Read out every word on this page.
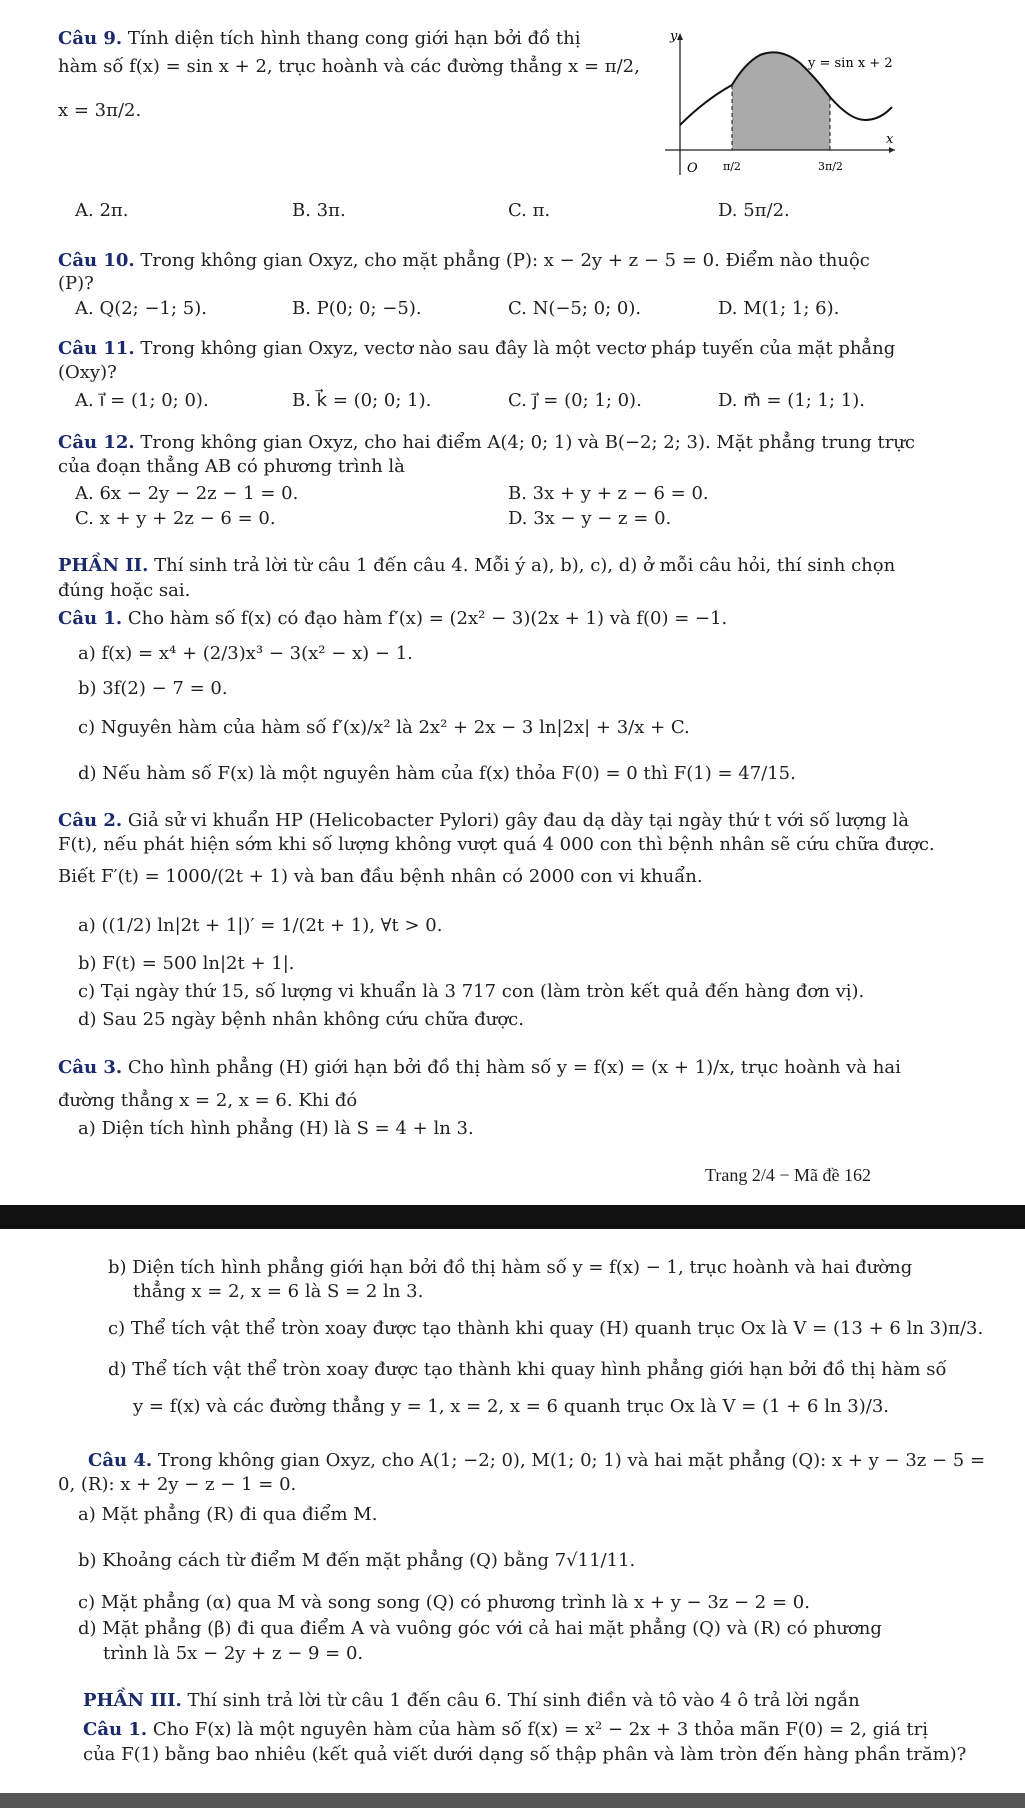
Câu 9. Tính diện tích hình thang cong giới hạn bởi đồ thị
hàm số f(x) = sin x + 2, trục hoành và các đường thẳng x = π/2,
x = 3π/2.
y
x
O
y = sin x + 2
π/2	3π/2
A. 2π.	B. 3π.	C. π.	D. 5π/2.
Câu 10. Trong không gian Oxyz, cho mặt phẳng (P): x − 2y + z − 5 = 0. Điểm nào thuộc
(P)?
A. Q(2; −1; 5).	B. P(0; 0; −5).	C. N(−5; 0; 0).	D. M(1; 1; 6).
Câu 11. Trong không gian Oxyz, vectơ nào sau đây là một vectơ pháp tuyến của mặt phẳng
(Oxy)?
A. i⃗ = (1; 0; 0).	B. k⃗ = (0; 0; 1).	C. j⃗ = (0; 1; 0).	D. m⃗ = (1; 1; 1).
Câu 12. Trong không gian Oxyz, cho hai điểm A(4; 0; 1) và B(−2; 2; 3). Mặt phẳng trung trực
của đoạn thẳng AB có phương trình là
A. 6x − 2y − 2z − 1 = 0.	B. 3x + y + z − 6 = 0.
C. x + y + 2z − 6 = 0.	D. 3x − y − z = 0.
PHẦN II. Thí sinh trả lời từ câu 1 đến câu 4. Mỗi ý a), b), c), d) ở mỗi câu hỏi, thí sinh chọn
đúng hoặc sai.
Câu 1. Cho hàm số f(x) có đạo hàm f′(x) = (2x² − 3)(2x + 1) và f(0) = −1.
a) f(x) = x⁴ + (2/3)x³ − 3(x² − x) − 1.
b) 3f(2) − 7 = 0.
c) Nguyên hàm của hàm số f′(x)/x² là 2x² + 2x − 3 ln|2x| + 3/x + C.
d) Nếu hàm số F(x) là một nguyên hàm của f(x) thỏa F(0) = 0 thì F(1) = 47/15.
Câu 2. Giả sử vi khuẩn HP (Helicobacter Pylori) gây đau dạ dày tại ngày thứ t với số lượng là
F(t), nếu phát hiện sớm khi số lượng không vượt quá 4 000 con thì bệnh nhân sẽ cứu chữa được.
Biết F′(t) = 1000/(2t + 1) và ban đầu bệnh nhân có 2000 con vi khuẩn.
a) ((1/2) ln|2t + 1|)′ = 1/(2t + 1), ∀t > 0.
b) F(t) = 500 ln|2t + 1|.
c) Tại ngày thứ 15, số lượng vi khuẩn là 3 717 con (làm tròn kết quả đến hàng đơn vị).
d) Sau 25 ngày bệnh nhân không cứu chữa được.
Câu 3. Cho hình phẳng (H) giới hạn bởi đồ thị hàm số y = f(x) = (x + 1)/x, trục hoành và hai
đường thẳng x = 2, x = 6. Khi đó
a) Diện tích hình phẳng (H) là S = 4 + ln 3.
Trang 2/4 − Mã đề 162
b) Diện tích hình phẳng giới hạn bởi đồ thị hàm số y = f(x) − 1, trục hoành và hai đường
thẳng x = 2, x = 6 là S = 2 ln 3.
c) Thể tích vật thể tròn xoay được tạo thành khi quay (H) quanh trục Ox là V = (13 + 6 ln 3)π/3.
d) Thể tích vật thể tròn xoay được tạo thành khi quay hình phẳng giới hạn bởi đồ thị hàm số
y = f(x) và các đường thẳng y = 1, x = 2, x = 6 quanh trục Ox là V = (1 + 6 ln 3)/3.
Câu 4. Trong không gian Oxyz, cho A(1; −2; 0), M(1; 0; 1) và hai mặt phẳng (Q): x + y − 3z − 5 =
0, (R): x + 2y − z − 1 = 0.
a) Mặt phẳng (R) đi qua điểm M.
b) Khoảng cách từ điểm M đến mặt phẳng (Q) bằng 7√11/11.
c) Mặt phẳng (α) qua M và song song (Q) có phương trình là x + y − 3z − 2 = 0.
d) Mặt phẳng (β) đi qua điểm A và vuông góc với cả hai mặt phẳng (Q) và (R) có phương
trình là 5x − 2y + z − 9 = 0.
PHẦN III. Thí sinh trả lời từ câu 1 đến câu 6. Thí sinh điền và tô vào 4 ô trả lời ngắn
Câu 1. Cho F(x) là một nguyên hàm của hàm số f(x) = x² − 2x + 3 thỏa mãn F(0) = 2, giá trị
của F(1) bằng bao nhiêu (kết quả viết dưới dạng số thập phân và làm tròn đến hàng phần trăm)?
